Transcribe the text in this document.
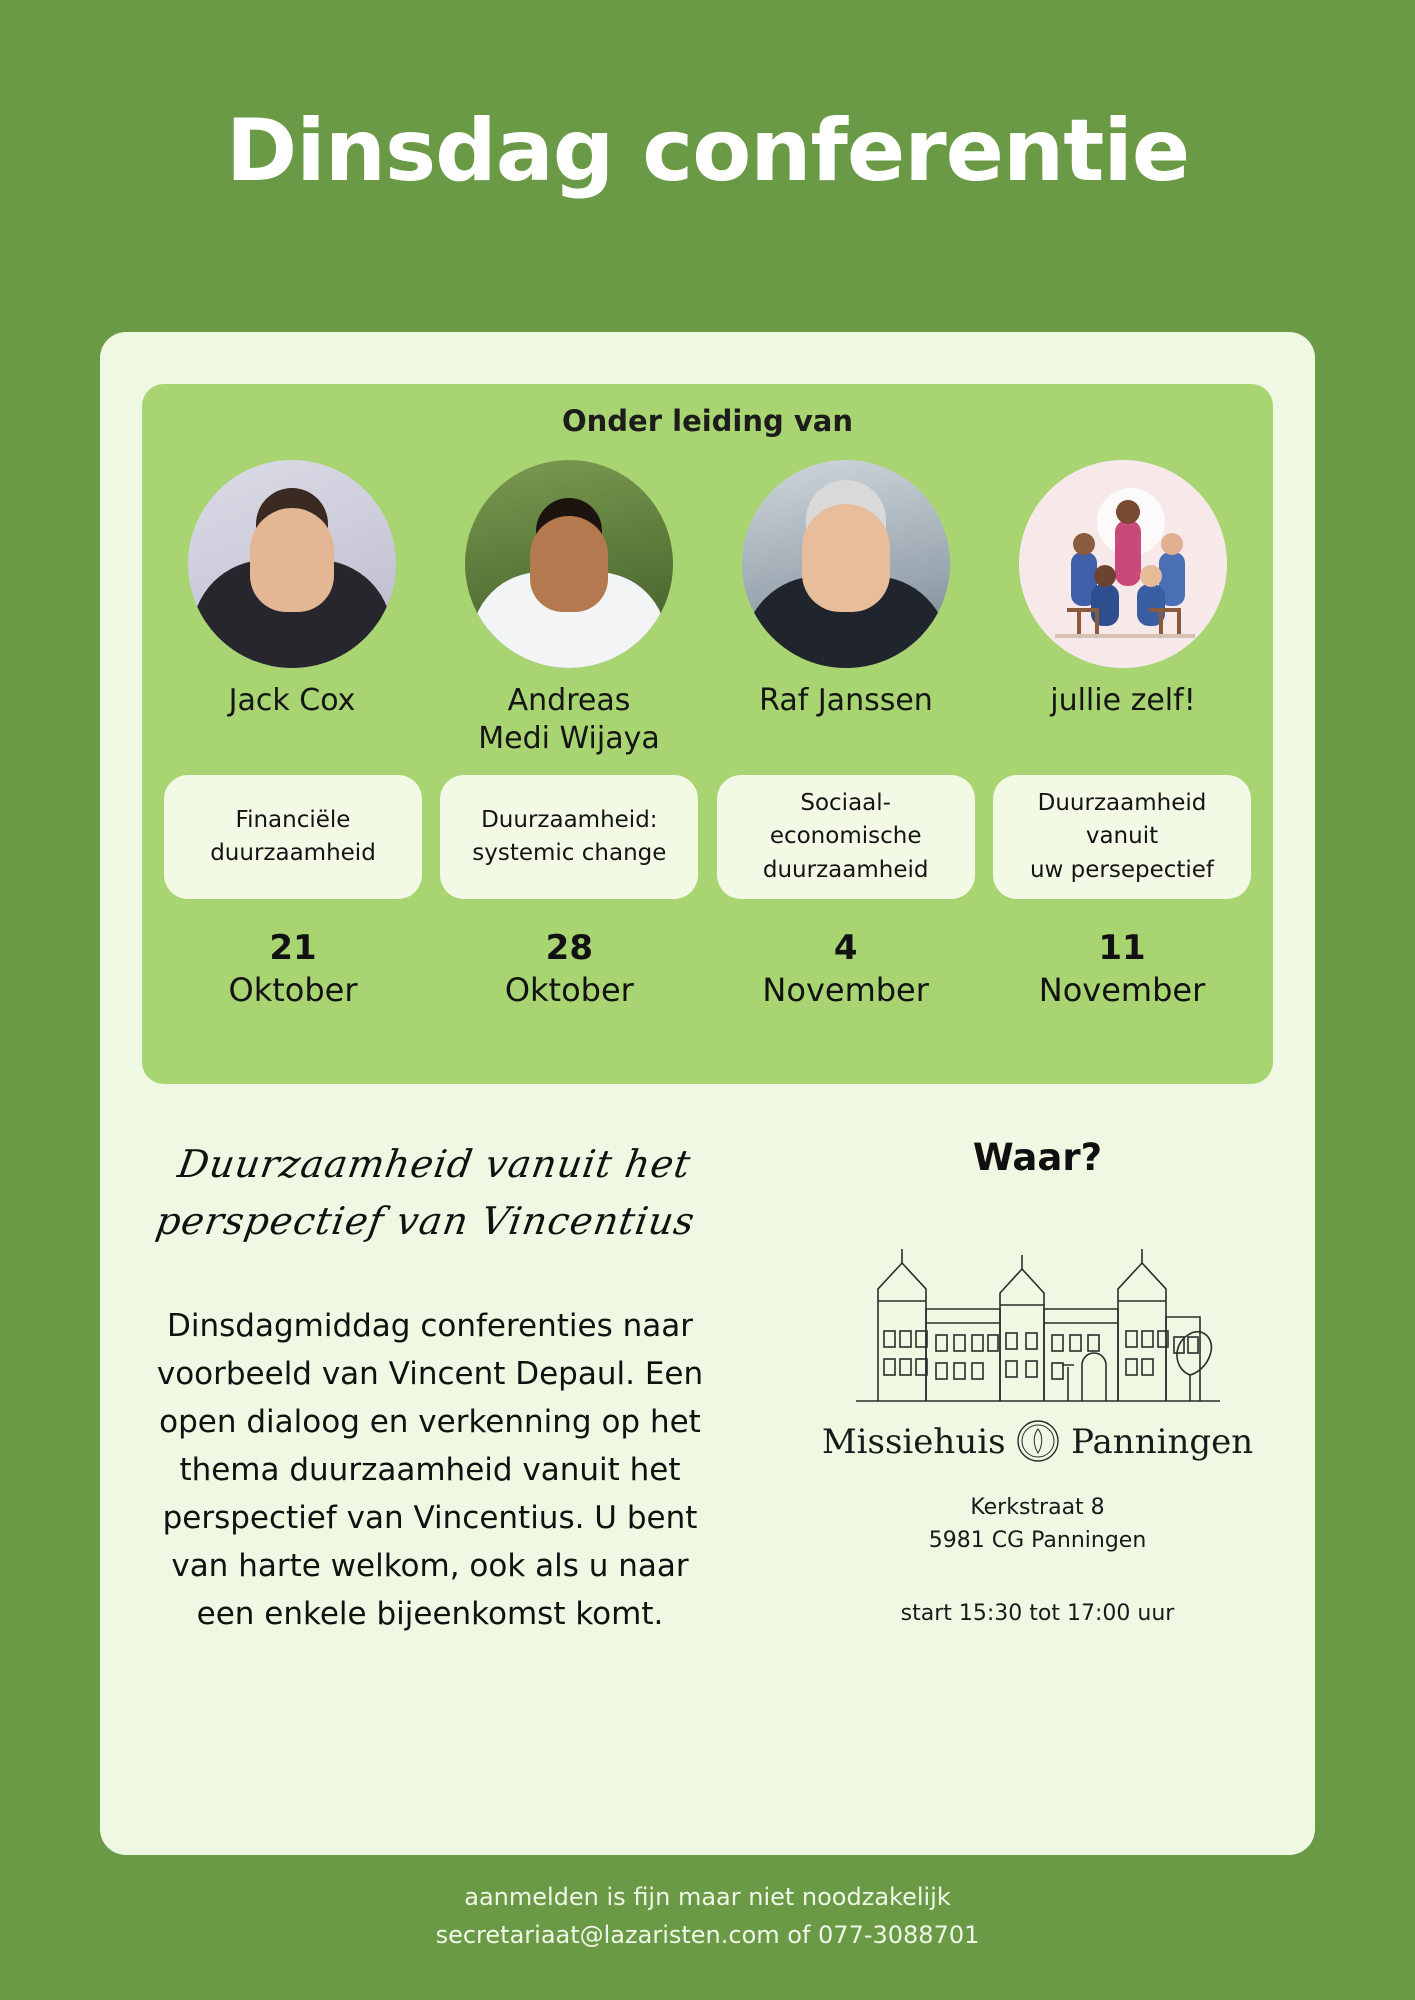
Dinsdag conferentie
Onder leiding van
Jack Cox	Andreas
Medi Wijaya
Raf Janssen	jullie zelf!
Financiële
duurzaamheid
Duurzaamheid:
systemic change
Sociaal-economische
duurzaamheid
Duurzaamheid vanuit
uw persepectief
21
Oktober
28
Oktober
4
November
11
November
Duurzaamheid vanuit het
perspectief van Vincentius
Dinsdagmiddag conferenties naar voorbeeld van Vincent Depaul. Een open dialoog en verkenning op het thema duurzaamheid vanuit het perspectief van Vincentius. U bent van harte welkom, ook als u naar een enkele bijeenkomst komt.
Waar?
Missiehuis Panningen
Kerkstraat 8
5981 CG Panningen
start 15:30 tot 17:00 uur
aanmelden is fijn maar niet noodzakelijk
secretariaat@lazaristen.com of 077-3088701
